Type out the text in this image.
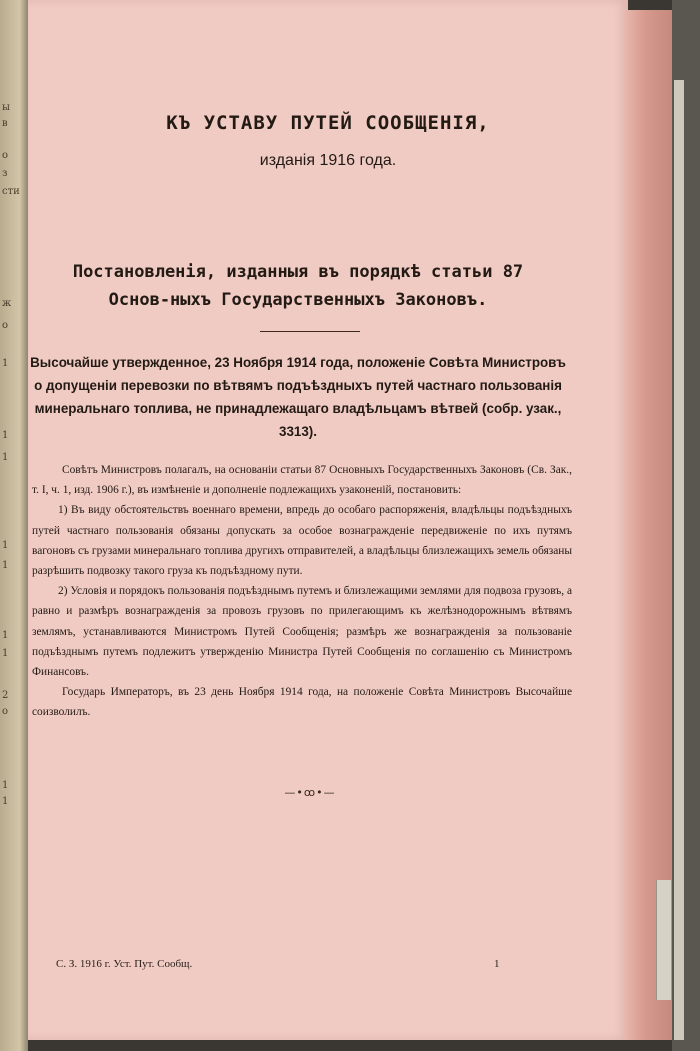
ы
в
о
з
сти
ж
о
1
1
1
1
1
1
1
2
о
1
1
КЪ УСТАВУ ПУТЕЙ СООБЩЕНІЯ,
изданія 1916 года.
Постановленія, изданныя въ порядкѣ статьи 87 Основ-ныхъ Государственныхъ Законовъ.
Высочайше утвержденное, 23 Ноября 1914 года, положеніе Совѣта Министровъ о допущеніи перевозки по вѣтвямъ подъѣздныхъ путей частнаго пользованія минеральнаго топлива, не принадлежащаго владѣльцамъ вѣтвей (собр. узак., 3313).

Совѣтъ Министровъ полагалъ, на основаніи статьи 87 Основныхъ Государственныхъ Законовъ (Св. Зак., т. I, ч. 1, изд. 1906 г.), въ измѣненіе и дополненіе подлежащихъ узаконеній, постановить:

1) Въ виду обстоятельствъ военнаго времени, впредь до особаго распоряженія, владѣльцы подъѣздныхъ путей частнаго пользованія обязаны допускать за особое вознагражденіе передвиженіе по ихъ путямъ вагоновъ съ грузами минеральнаго топлива другихъ отправителей, а владѣльцы близлежащихъ земель обязаны разрѣшить подвозку такого груза къ подъѣздному пути.

2) Условія и порядокъ пользованія подъѣзднымъ путемъ и близлежащими землями для подвоза грузовъ, а равно и размѣръ вознагражденія за провозъ грузовъ по прилегающимъ къ желѣзнодорожнымъ вѣтвямъ землямъ, устанавливаются Министромъ Путей Сообщенія; размѣръ же вознагражденія за пользованіе подъѣзднымъ путемъ подлежитъ утвержденію Министра Путей Сообщенія по соглашенію съ Министромъ Финансовъ.

Государь Императоръ, въ 23 день Ноября 1914 года, на положеніе Совѣта Министровъ Высочайше соизволилъ.

—•ꝏ•—
С. З. 1916 г. Уст. Пут. Сообщ.	1
